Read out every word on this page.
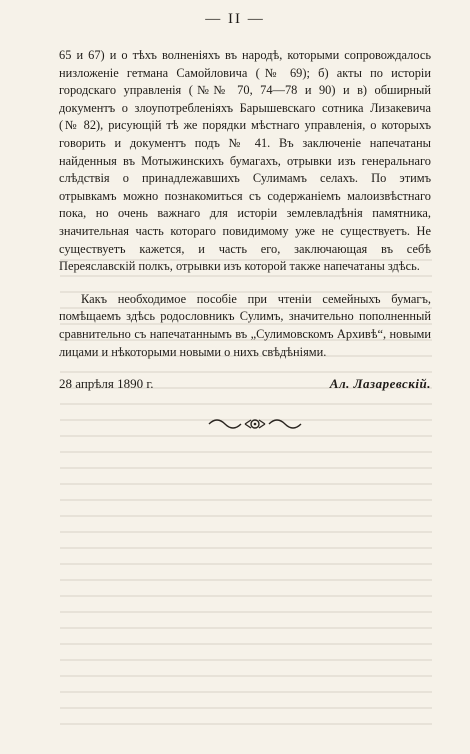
— II —

65 и 67) и о тѣхъ волненіяхъ въ народѣ, которыми сопровождалось низложеніе гетмана Самойловича (№ 69); б) акты по исторіи городскаго управленія (№№ 70, 74—78 и 90) и в) обширный документъ о злоупотребленіяхъ Барышевскаго сотника Лизакевича (№ 82), рисующій тѣ же порядки мѣстнаго управленія, о которыхъ говорить и документъ подъ № 41. Въ заключеніе напечатаны найденныя въ Мотыжинскихъ бумагахъ, отрывки изъ генеральнаго слѣдствія о принадлежавшихъ Сулимамъ селахъ. По этимъ отрывкамъ можно познакомиться съ содержаніемъ малоизвѣстнаго пока, но очень важнаго для исторіи землевладѣнія памятника, значительная часть котораго повидимому уже не существуетъ. Не существуетъ кажется, и часть его, заключающая въ себѣ Переяславскій полкъ, отрывки изъ которой также напечатаны здѣсь.

Какъ необходимое пособіе при чтеніи семейныхъ бумагъ, помѣщаемъ здѣсь родословникъ Сулимъ, значительно пополненный сравнительно съ напечатаннымъ въ „Сулимовскомъ Архивѣ“, новыми лицами и нѣкоторыми новыми о нихъ свѣдѣніями.

28 апрѣля 1890 г.	Ал. Лазаревскій.
